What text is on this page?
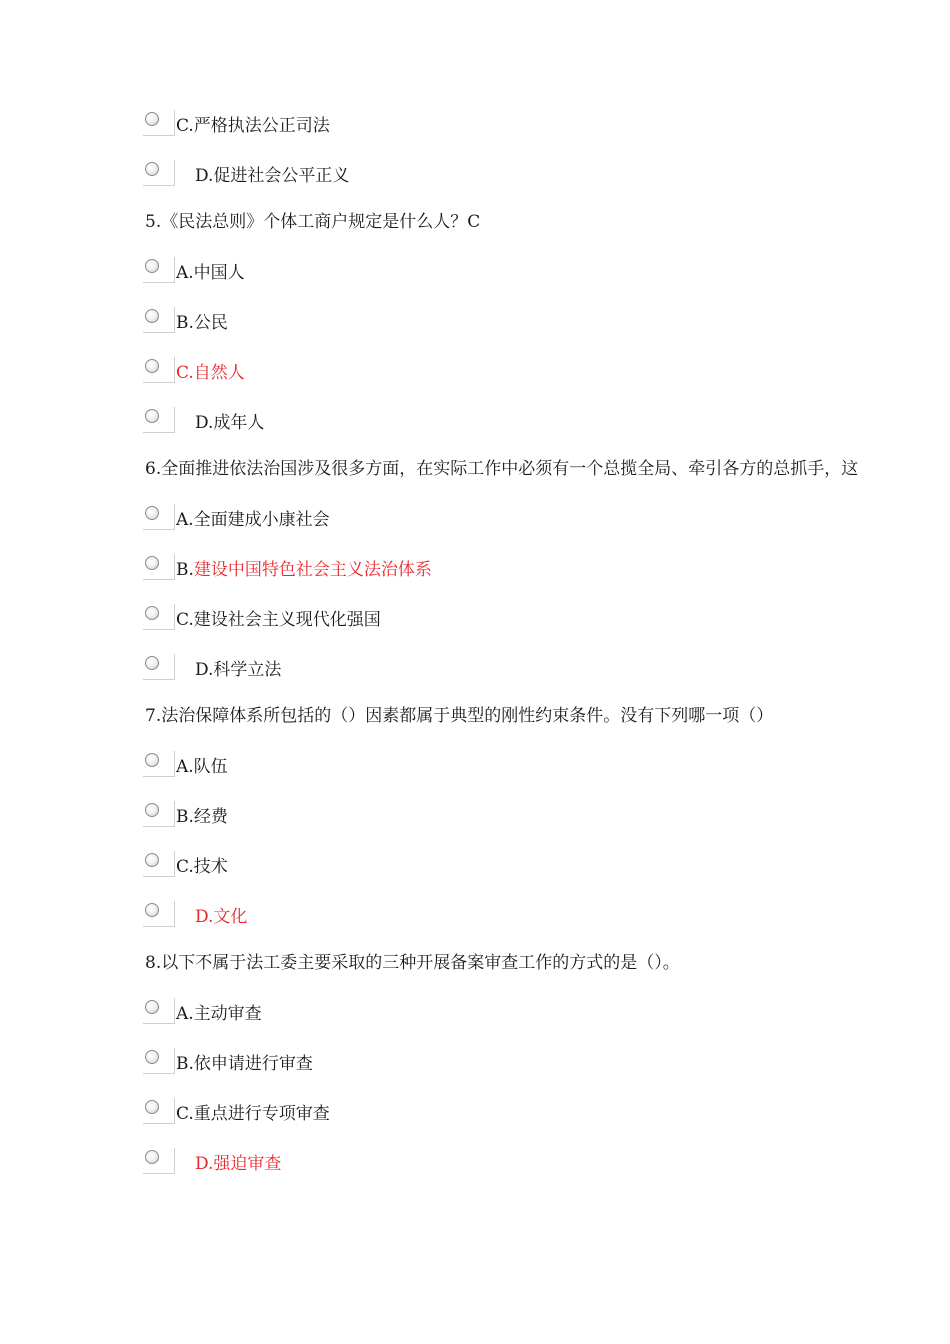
C.严格执法公正司法
D.促进社会公平正义
5.《民法总则》个体工商户规定是什么人？C
A.中国人
B.公民
C.自然人
D.成年人
6.全面推进依法治国涉及很多方面，在实际工作中必须有一个总揽全局、牵引各方的总抓手，这
A.全面建成小康社会
B.建设中国特色社会主义法治体系
C.建设社会主义现代化强国
D.科学立法
7.法治保障体系所包括的（）因素都属于典型的刚性约束条件。没有下列哪一项（）
A.队伍
B.经费
C.技术
D.文化
8.以下不属于法工委主要采取的三种开展备案审查工作的方式的是（）。
A.主动审查
B.依申请进行审查
C.重点进行专项审查
D.强迫审查
